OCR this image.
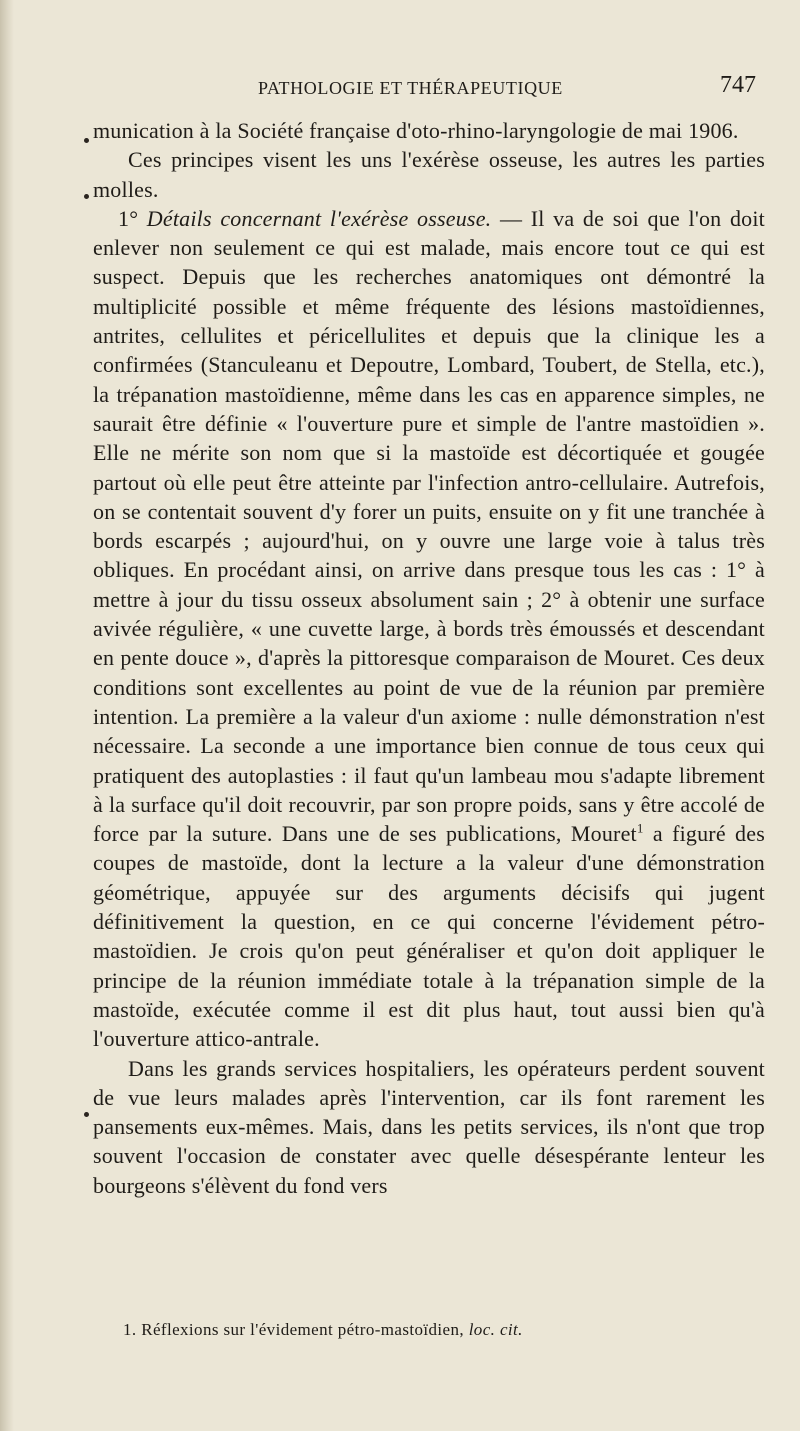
PATHOLOGIE ET THÉRAPEUTIQUE	747

munication à la Société française d'oto-rhino-laryngologie de mai 1906.

Ces principes visent les uns l'exérèse osseuse, les autres les parties molles.

1° Détails concernant l'exérèse osseuse. — Il va de soi que l'on doit enlever non seulement ce qui est malade, mais encore tout ce qui est suspect. Depuis que les recherches anatomiques ont démontré la multiplicité possible et même fréquente des lésions mastoïdiennes, antrites, cellulites et péricellulites et depuis que la clinique les a confirmées (Stanculeanu et Depoutre, Lombard, Toubert, de Stella, etc.), la trépanation mastoïdienne, même dans les cas en apparence simples, ne saurait être définie « l'ouverture pure et simple de l'antre mastoïdien ». Elle ne mérite son nom que si la mastoïde est décortiquée et gougée partout où elle peut être atteinte par l'infection antro-cellulaire. Autrefois, on se contentait souvent d'y forer un puits, ensuite on y fit une tranchée à bords escarpés ; aujourd'hui, on y ouvre une large voie à talus très obliques. En procédant ainsi, on arrive dans presque tous les cas : 1° à mettre à jour du tissu osseux absolument sain ; 2° à obtenir une surface avivée régulière, « une cuvette large, à bords très émoussés et descendant en pente douce », d'après la pittoresque comparaison de Mouret. Ces deux conditions sont excellentes au point de vue de la réunion par première intention. La première a la valeur d'un axiome : nulle démonstration n'est nécessaire. La seconde a une importance bien connue de tous ceux qui pratiquent des autoplasties : il faut qu'un lambeau mou s'adapte librement à la surface qu'il doit recouvrir, par son propre poids, sans y être accolé de force par la suture. Dans une de ses publications, Mouret$^1$ a figuré des coupes de mastoïde, dont la lecture a la valeur d'une démonstration géométrique, appuyée sur des arguments décisifs qui jugent définitivement la question, en ce qui concerne l'évidement pétro-mastoïdien. Je crois qu'on peut généraliser et qu'on doit appliquer le principe de la réunion immédiate totale à la trépanation simple de la mastoïde, exécutée comme il est dit plus haut, tout aussi bien qu'à l'ouverture attico-antrale.

Dans les grands services hospitaliers, les opérateurs perdent souvent de vue leurs malades après l'intervention, car ils font rarement les pansements eux-mêmes. Mais, dans les petits services, ils n'ont que trop souvent l'occasion de constater avec quelle désespérante lenteur les bourgeons s'élèvent du fond vers

1. Réflexions sur l'évidement pétro-mastoïdien, loc. cit.
